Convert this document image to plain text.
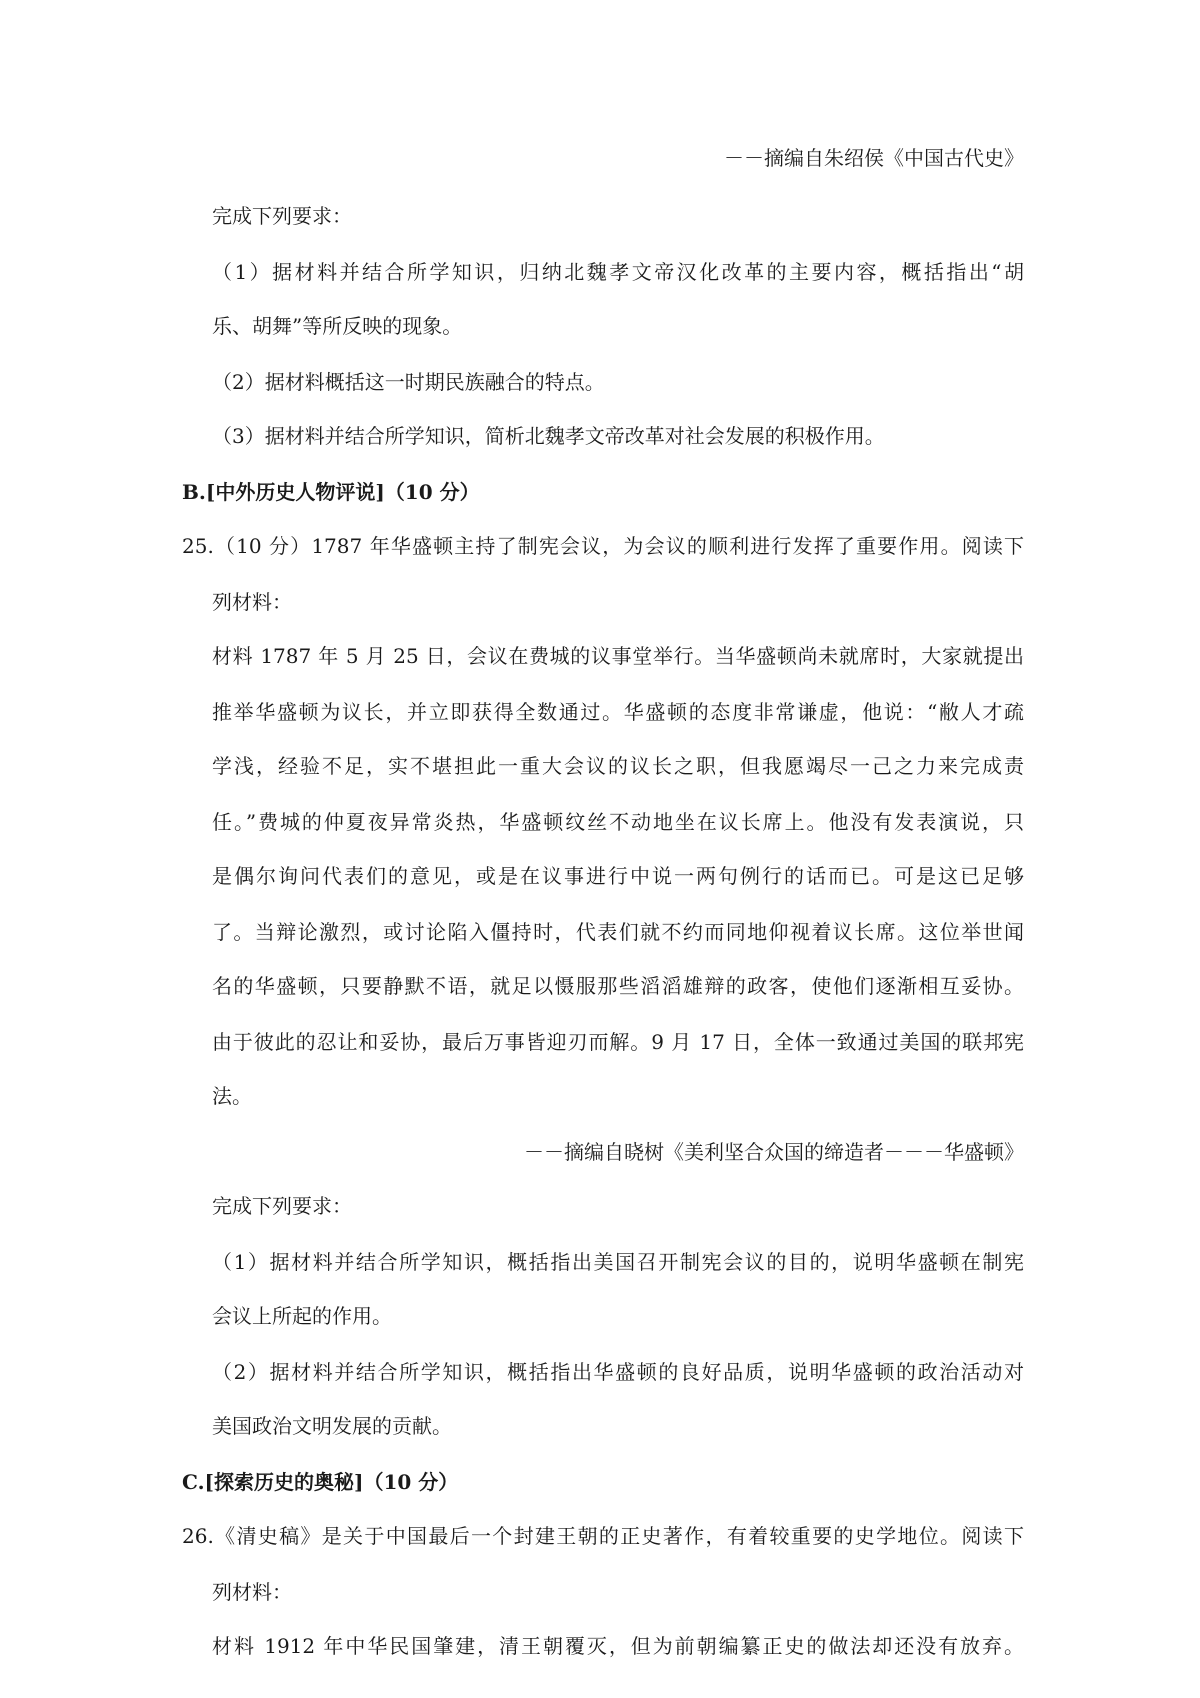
－－摘编自朱绍侯《中国古代史》
完成下列要求：
（1）据材料并结合所学知识，归纳北魏孝文帝汉化改革的主要内容，概括指出“胡
乐、胡舞”等所反映的现象。
（2）据材料概括这一时期民族融合的特点。
（3）据材料并结合所学知识，简析北魏孝文帝改革对社会发展的积极作用。
B.[中外历史人物评说]（10 分）
25.（10 分）1787 年华盛顿主持了制宪会议，为会议的顺利进行发挥了重要作用。阅读下
列材料：
材料 1787 年 5 月 25 日，会议在费城的议事堂举行。当华盛顿尚未就席时，大家就提出
推举华盛顿为议长，并立即获得全数通过。华盛顿的态度非常谦虚，他说：“敝人才疏
学浅，经验不足，实不堪担此一重大会议的议长之职，但我愿竭尽一己之力来完成责
任。”费城的仲夏夜异常炎热，华盛顿纹丝不动地坐在议长席上。他没有发表演说，只
是偶尔询问代表们的意见，或是在议事进行中说一两句例行的话而已。可是这已足够
了。当辩论激烈，或讨论陷入僵持时，代表们就不约而同地仰视着议长席。这位举世闻
名的华盛顿，只要静默不语，就足以慑服那些滔滔雄辩的政客，使他们逐渐相互妥协。
由于彼此的忍让和妥协，最后万事皆迎刃而解。9 月 17 日，全体一致通过美国的联邦宪
法。
－－摘编自晓树《美利坚合众国的缔造者－－－华盛顿》
完成下列要求：
（1）据材料并结合所学知识，概括指出美国召开制宪会议的目的，说明华盛顿在制宪
会议上所起的作用。
（2）据材料并结合所学知识，概括指出华盛顿的良好品质，说明华盛顿的政治活动对
美国政治文明发展的贡献。
C.[探索历史的奥秘]（10 分）
26.《清史稿》是关于中国最后一个封建王朝的正史著作，有着较重要的史学地位。阅读下
列材料：
材料 1912 年中华民国肇建，清王朝覆灭，但为前朝编纂正史的做法却还没有放弃。
